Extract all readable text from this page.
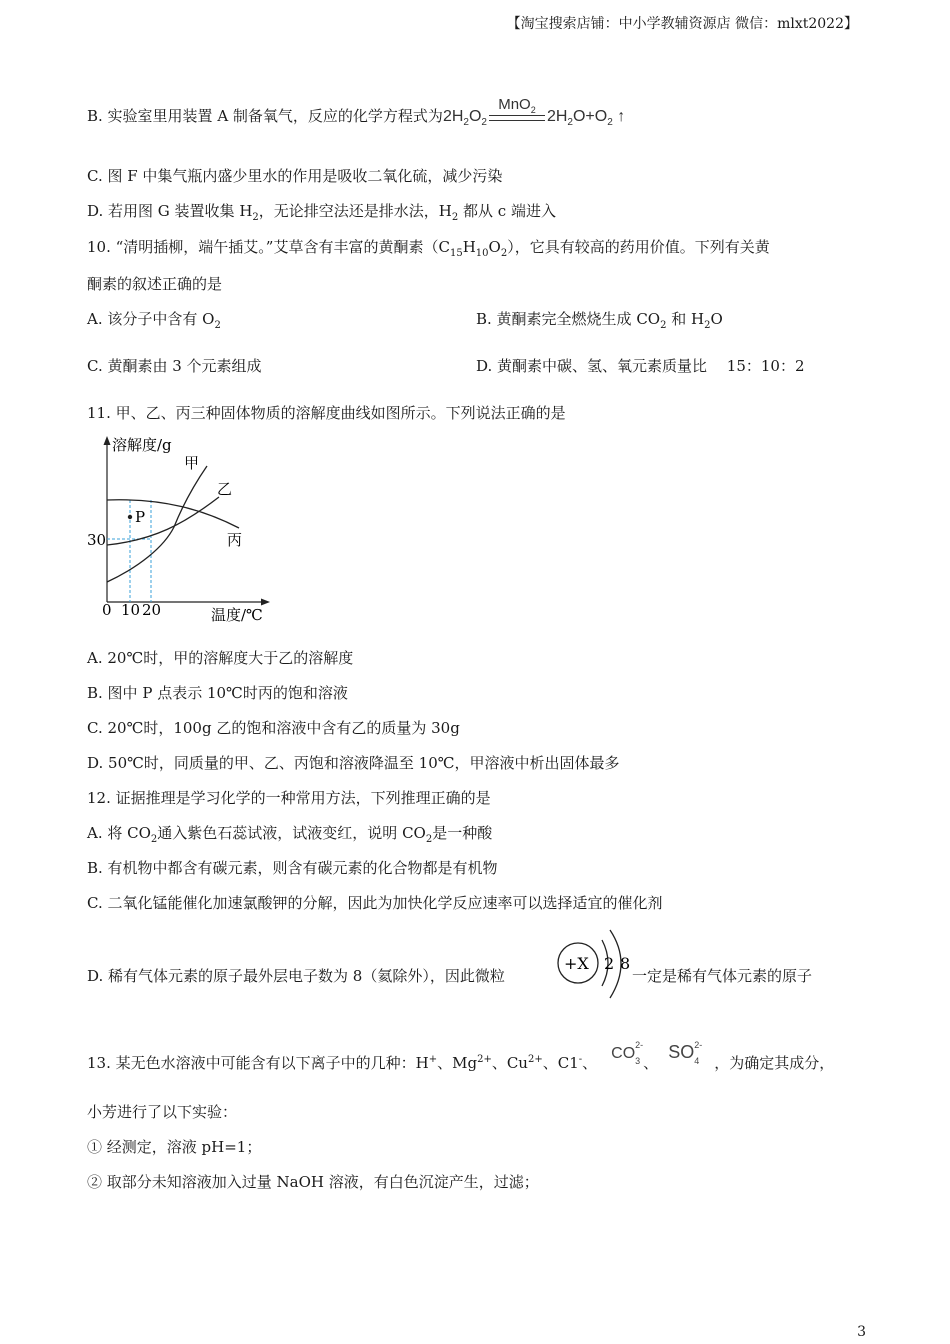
【淘宝搜索店铺：中小学教辅资源店 微信：mlxt2022】
B. 实验室里用装置 A 制备氧气，反应的化学方程式为$2H_2O_2$
MnO$_2$ $2H_2O+O_2$ ↑
C. 图 F 中集气瓶内盛少里水的作用是吸收二氧化硫，减少污染
D. 若用图 G 装置收集 $H_2$，无论排空法还是排水法，$H_2$ 都从 c 端进入
10. “清明插柳，端午插艾。”艾草含有丰富的黄酮素$(C_{15}H_{10}O_2)$，它具有较高的药用价值。下列有关黄
酮素的叙述正确的是
A. 该分子中含有 $O_2$	B. 黄酮素完全燃烧生成 $CO_2$ 和 $H_2O$
C. 黄酮素由 3 个元素组成	D. 黄酮素中碳、氢、氧元素质量比　 15：10：2
11. 甲、乙、丙三种固体物质的溶解度曲线如图所示。下列说法正确的是
溶解度/g
温度/℃
30
0 10 20
甲
乙
丙
P
A. 20℃时，甲的溶解度大于乙的溶解度
B. 图中 P 点表示 10℃时丙的饱和溶液
C. 20℃时，100g 乙的饱和溶液中含有乙的质量为 30g
D. 50℃时，同质量的甲、乙、丙饱和溶液降温至 10℃，甲溶液中析出固体最多
12. 证据推理是学习化学的一种常用方法，下列推理正确的是
A. 将 $CO_2$通入紫色石蕊试液，试液变红，说明 $CO_2$是一种酸
B. 有机物中都含有碳元素，则含有碳元素的化合物都是有机物
C. 二氧化锰能催化加速氯酸钾的分解，因此为加快化学反应速率可以选择适宜的催化剂
D. 稀有气体元素的原子最外层电子数为 8（氦除外），因此微粒
+X 2 8
一定是稀有气体元素的原子
13. 某无色水溶液中可能含有以下离子中的几种：H+、$Mg^{2+}$、$Cu^{2+}$、C1-、$CO^{2-}$
$_3$ 、$SO^{2-}$
$_4$ ，为确定其成分，
小芳进行了以下实验：
① 经测定，溶液 pH=1；
② 取部分未知溶液加入过量 NaOH 溶液，有白色沉淀产生，过滤；
3
